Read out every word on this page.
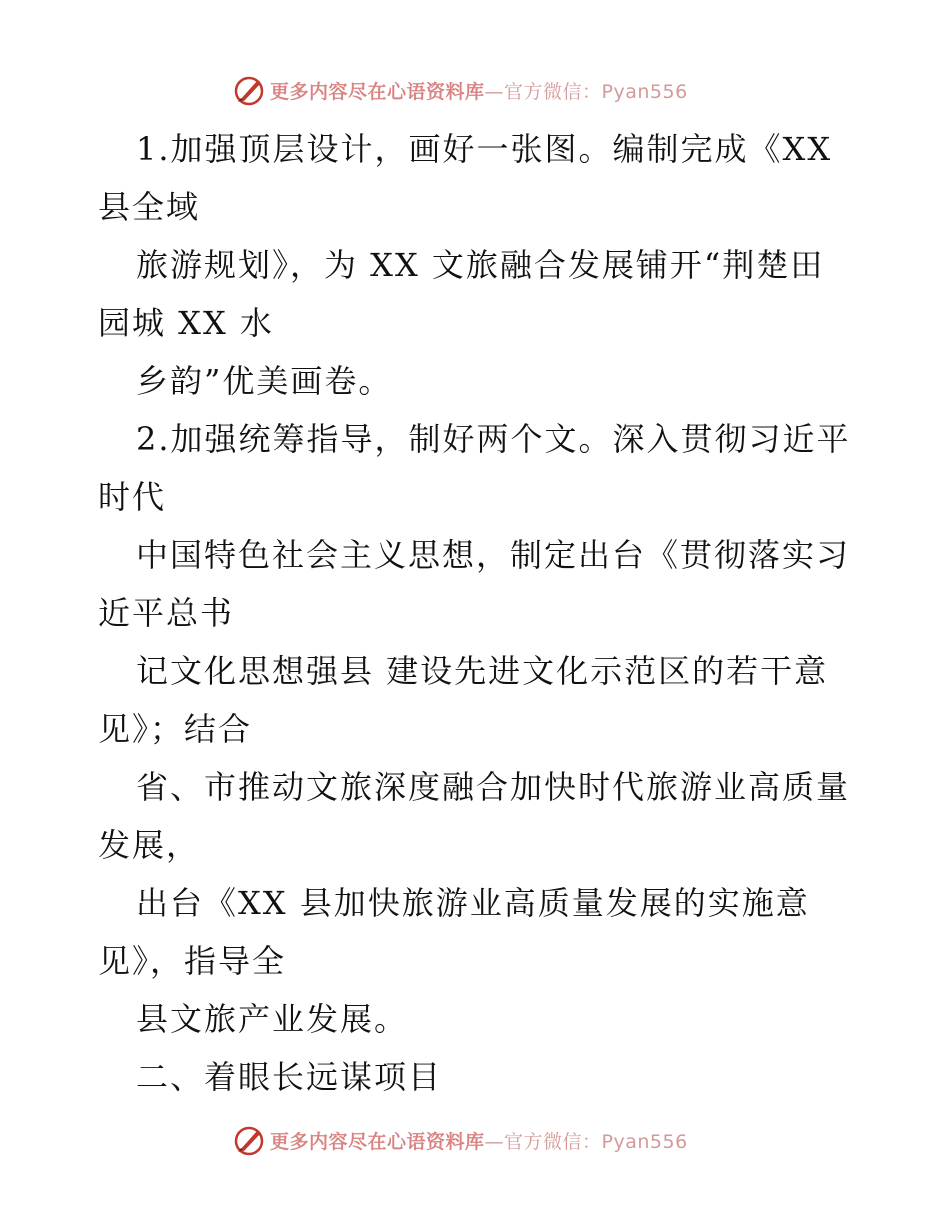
更多内容尽在心语资料库—官方微信：Pyan556
1.加强顶层设计，画好一张图。编制完成《XX
县全域
旅游规划》，为 XX 文旅融合发展铺开“荆楚田
园城 XX 水
乡韵”优美画卷。
2.加强统筹指导，制好两个文。深入贯彻习近平
时代
中国特色社会主义思想，制定出台《贯彻落实习
近平总书
记文化思想强县 建设先进文化示范区的若干意
见》；结合
省、市推动文旅深度融合加快时代旅游业高质量
发展，
出台《XX 县加快旅游业高质量发展的实施意
见》，指导全
县文旅产业发展。
二、着眼长远谋项目
更多内容尽在心语资料库—官方微信：Pyan556
